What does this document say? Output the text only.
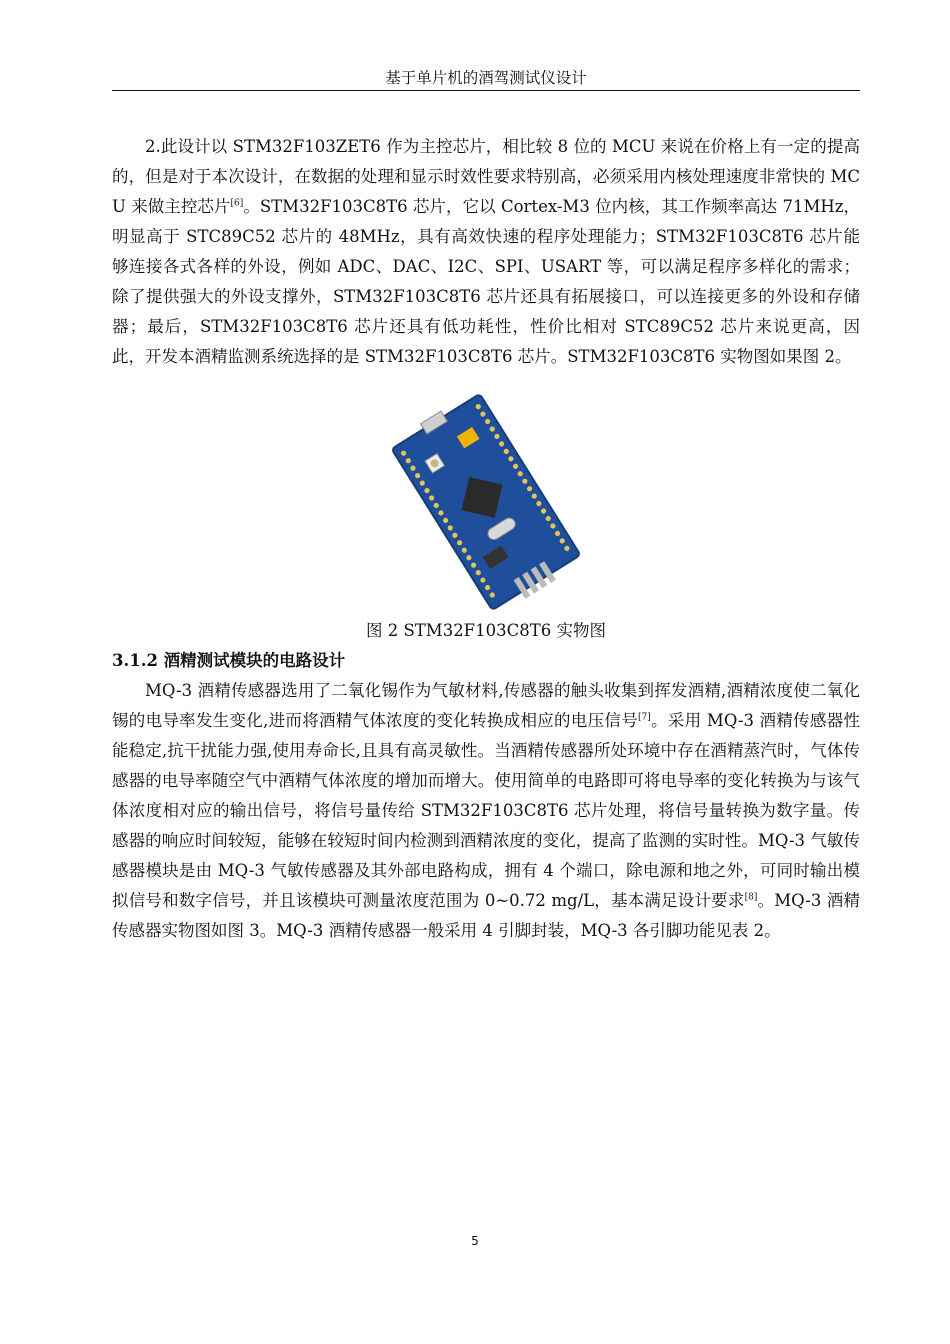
基于单片机的酒驾测试仪设计

2.此设计以 STM32F103ZET6 作为主控芯片，相比较 8 位的 MCU 来说在价格上有一定的提高的，但是对于本次设计，在数据的处理和显示时效性要求特别高，必须采用内核处理速度非常快的 MCU 来做主控芯片[6]。STM32F103C8T6 芯片，它以 Cortex-M3 位内核，其工作频率高达 71MHz，明显高于 STC89C52 芯片的 48MHz，具有高效快速的程序处理能力；STM32F103C8T6 芯片能够连接各式各样的外设，例如 ADC、DAC、I2C、SPI、USART 等，可以满足程序多样化的需求；除了提供强大的外设支撑外，STM32F103C8T6 芯片还具有拓展接口，可以连接更多的外设和存储器；最后，STM32F103C8T6 芯片还具有低功耗性，性价比相对 STC89C52 芯片来说更高，因此，开发本酒精监测系统选择的是 STM32F103C8T6 芯片。STM32F103C8T6 实物图如果图 2。

图 2 STM32F103C8T6 实物图
3.1.2 酒精测试模块的电路设计

MQ-3 酒精传感器选用了二氧化锡作为气敏材料,传感器的触头收集到挥发酒精,酒精浓度使二氧化锡的电导率发生变化,进而将酒精气体浓度的变化转换成相应的电压信号[7]。采用 MQ-3 酒精传感器性能稳定,抗干扰能力强,使用寿命长,且具有高灵敏性。当酒精传感器所处环境中存在酒精蒸汽时，气体传感器的电导率随空气中酒精气体浓度的增加而增大。使用简单的电路即可将电导率的变化转换为与该气体浓度相对应的输出信号，将信号量传给 STM32F103C8T6 芯片处理，将信号量转换为数字量。传感器的响应时间较短，能够在较短时间内检测到酒精浓度的变化，提高了监测的实时性。MQ-3 气敏传感器模块是由 MQ-3 气敏传感器及其外部电路构成，拥有 4 个端口，除电源和地之外，可同时输出模拟信号和数字信号，并且该模块可测量浓度范围为 0~0.72 mg/L，基本满足设计要求[8]。MQ-3 酒精传感器实物图如图 3。MQ-3 酒精传感器一般采用 4 引脚封装，MQ-3 各引脚功能见表 2。

5
